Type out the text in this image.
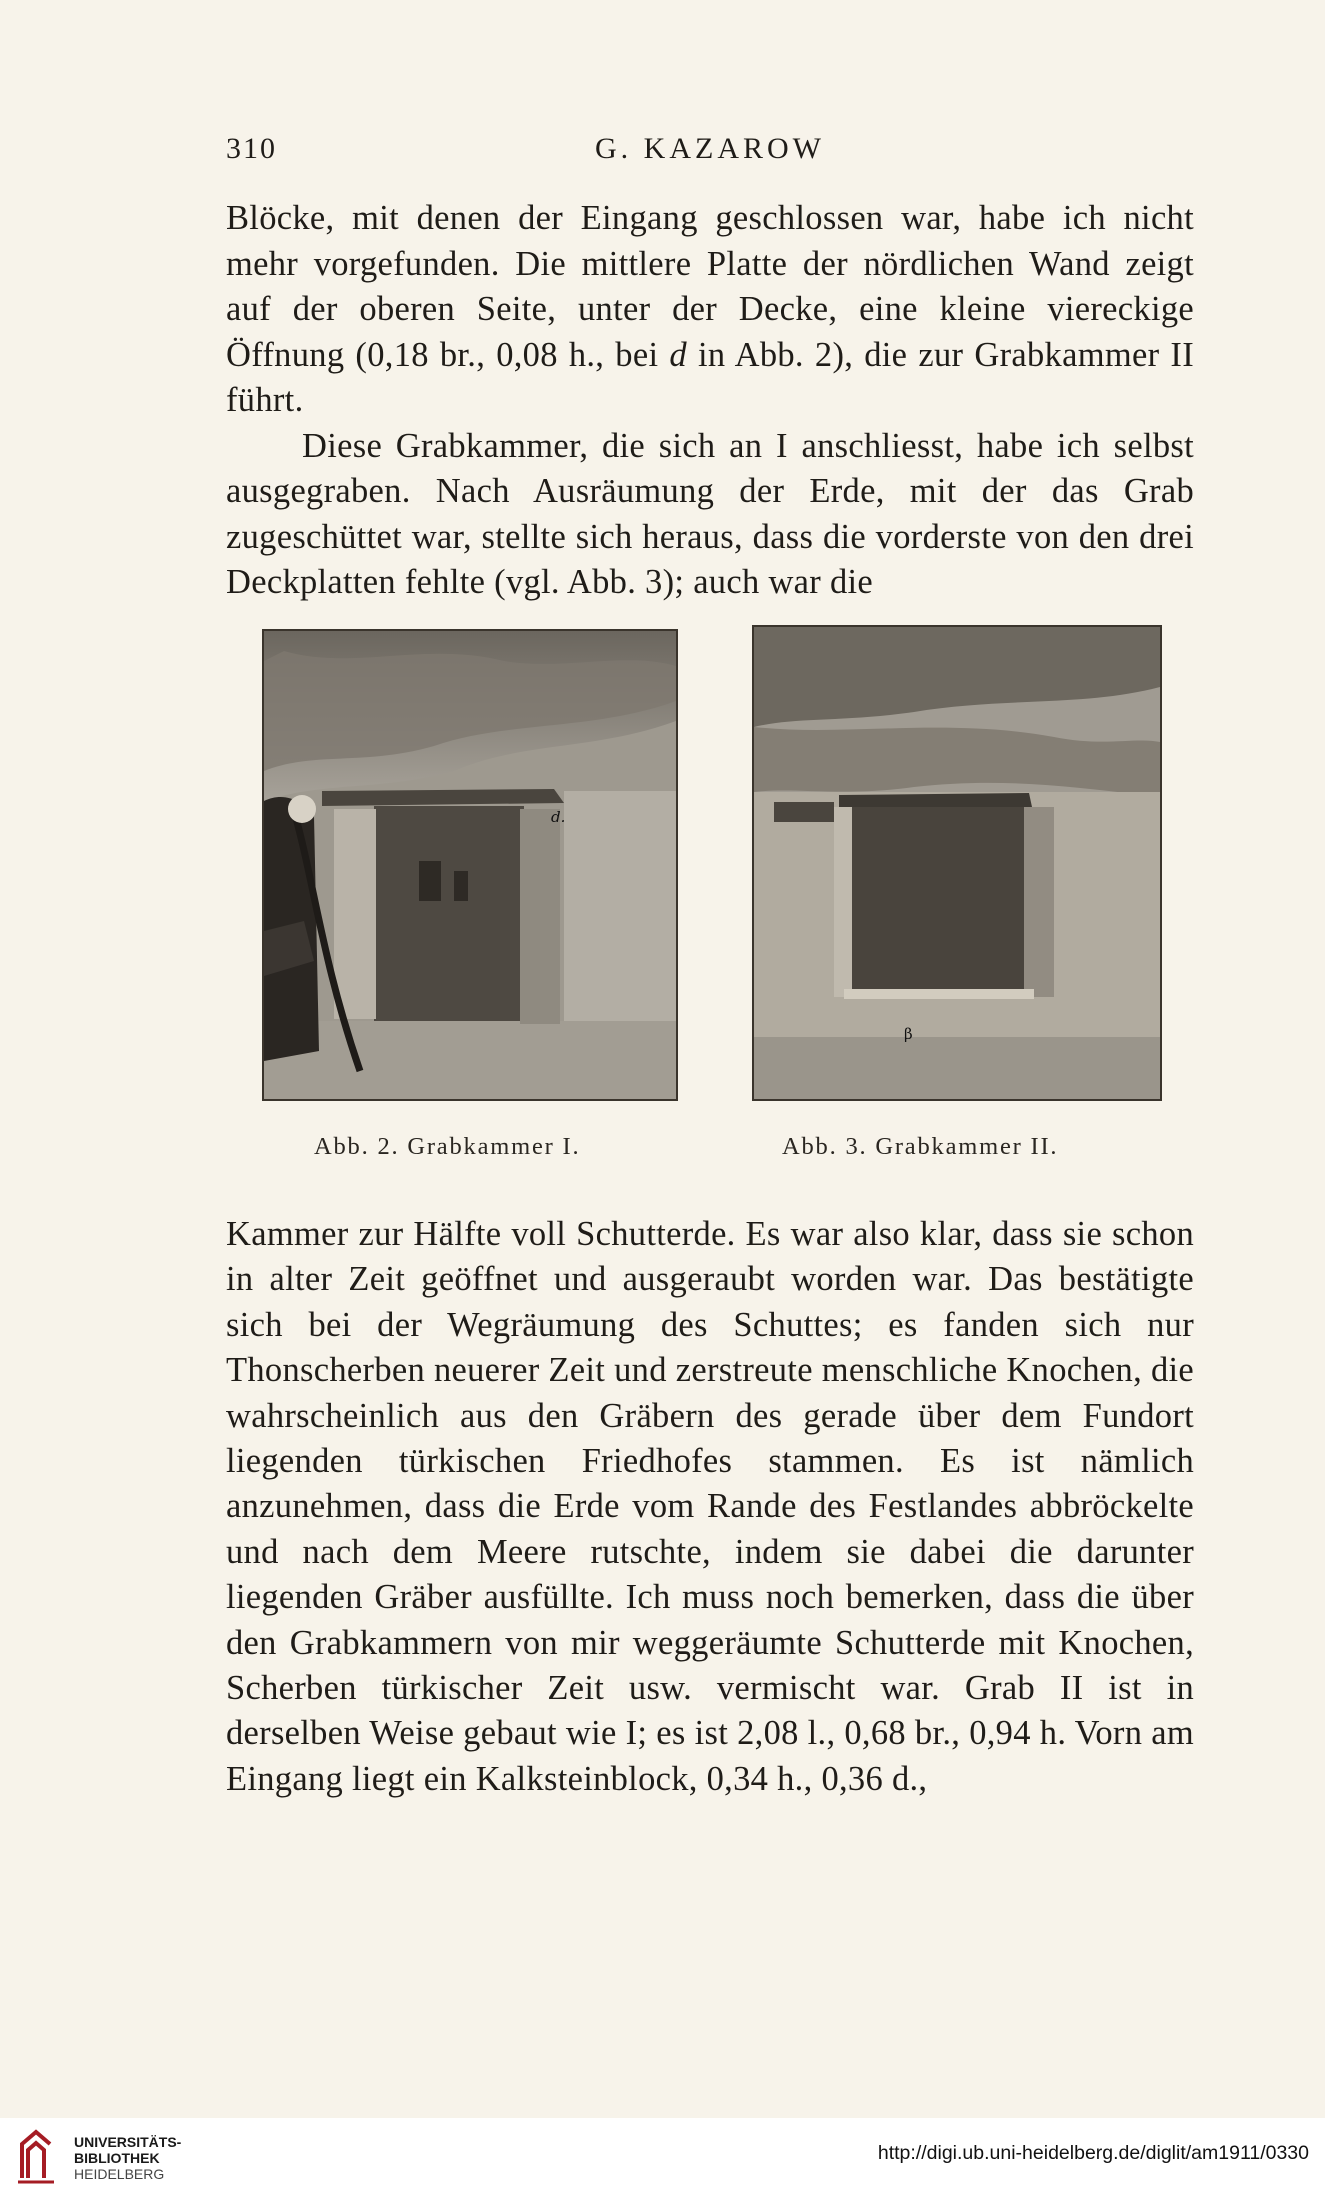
310	G. KAZAROW

Blöcke, mit denen der Eingang geschlossen war, habe ich nicht mehr vorgefunden. Die mittlere Platte der nördlichen Wand zeigt auf der oberen Seite, unter der Decke, eine kleine viereckige Öffnung (0,18 br., 0,08 h., bei d in Abb. 2), die zur Grabkammer II führt.

Diese Grabkammer, die sich an I anschliesst, habe ich selbst ausgegraben. Nach Ausräumung der Erde, mit der das Grab zugeschüttet war, stellte sich heraus, dass die vorderste von den drei Deckplatten fehlte (vgl. Abb. 3); auch war die

d.
β
Abb. 2. Grabkammer I.	Abb. 3. Grabkammer II.

Kammer zur Hälfte voll Schutterde. Es war also klar, dass sie schon in alter Zeit geöffnet und ausgeraubt worden war. Das bestätigte sich bei der Wegräumung des Schuttes; es fanden sich nur Thonscherben neuerer Zeit und zerstreute menschliche Knochen, die wahrscheinlich aus den Gräbern des gerade über dem Fundort liegenden türkischen Friedhofes stammen. Es ist nämlich anzunehmen, dass die Erde vom Rande des Festlandes abbröckelte und nach dem Meere rutschte, indem sie dabei die darunter liegenden Gräber ausfüllte. Ich muss noch bemerken, dass die über den Grabkammern von mir weggeräumte Schutterde mit Knochen, Scherben türkischer Zeit usw. vermischt war. Grab II ist in derselben Weise gebaut wie I; es ist 2,08 l., 0,68 br., 0,94 h. Vorn am Eingang liegt ein Kalksteinblock, 0,34 h., 0,36 d.,

UNIVERSITÄTS-
BIBLIOTHEK
HEIDELBERG
http://digi.ub.uni-heidelberg.de/diglit/am1911/0330
